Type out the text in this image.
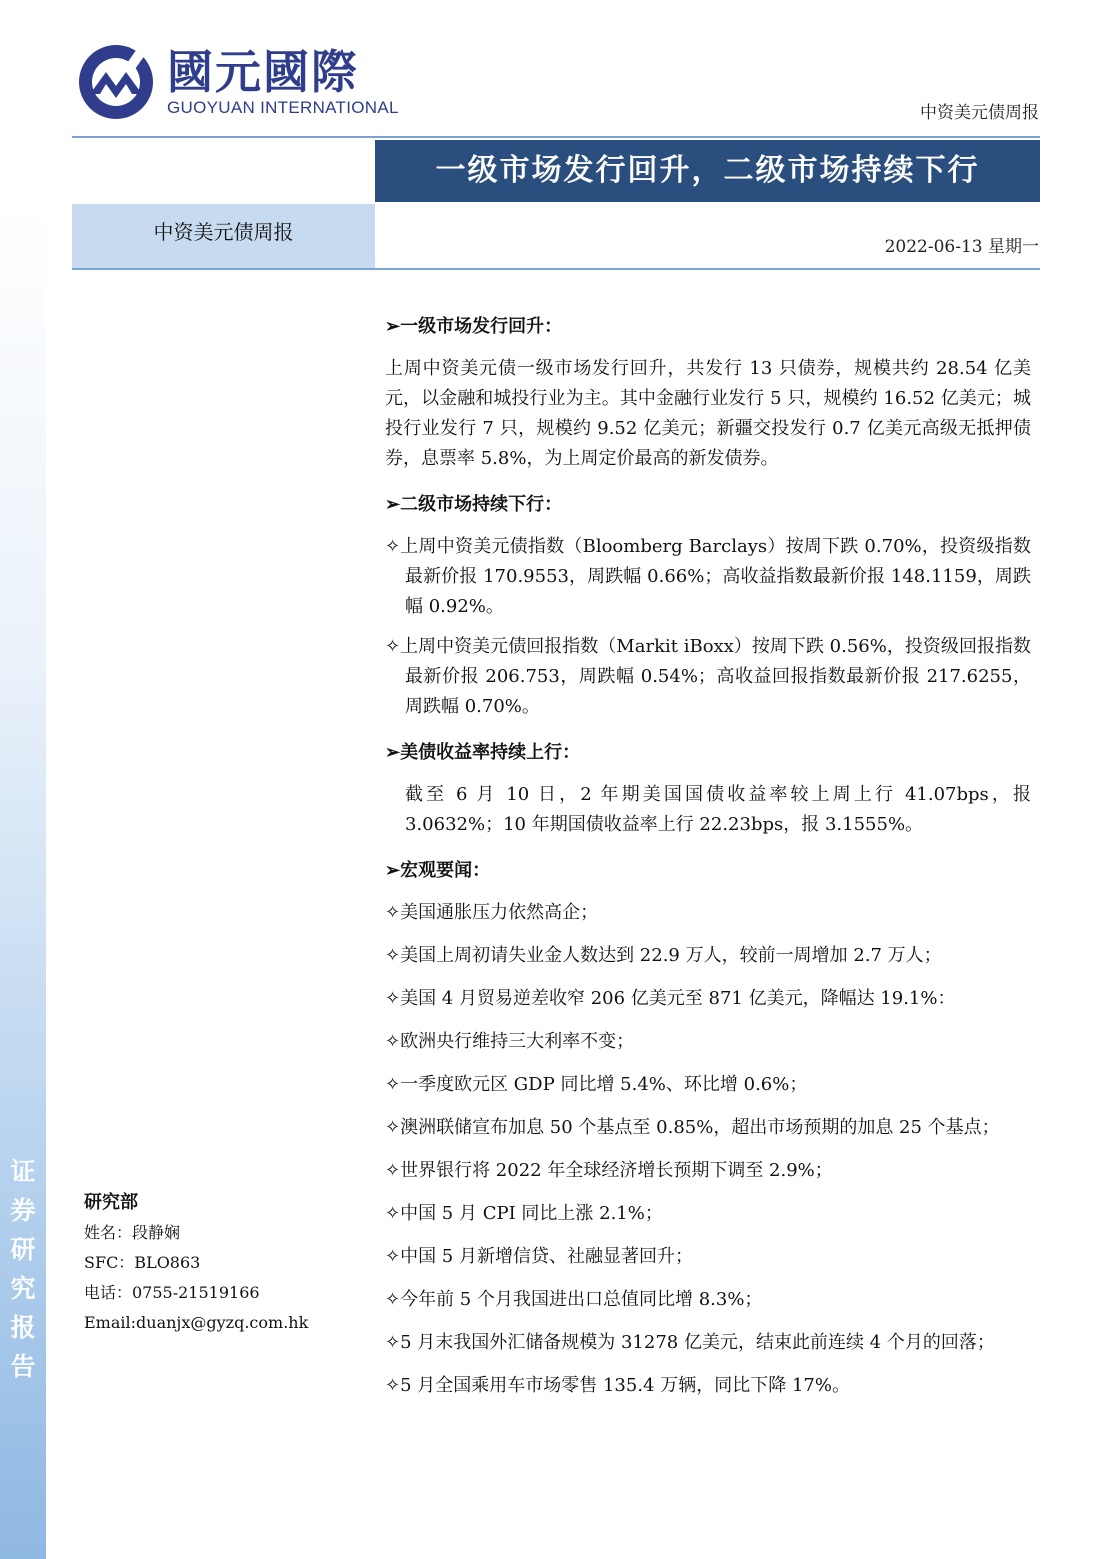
证
券
研
究
报
告
國元國際
GUOYUAN INTERNATIONAL	中资美元债周报
一级市场发行回升，二级市场持续下行
中资美元债周报
2022-06-13 星期一
➢一级市场发行回升：
上周中资美元债一级市场发行回升，共发行 13 只债券，规模共约 28.54 亿美元，以金融和城投行业为主。其中金融行业发行 5 只，规模约 16.52 亿美元；城投行业发行 7 只，规模约 9.52 亿美元；新疆交投发行 0.7 亿美元高级无抵押债券，息票率 5.8%，为上周定价最高的新发债券。
➢二级市场持续下行：
✧上周中资美元债指数（Bloomberg Barclays）按周下跌 0.70%，投资级指数最新价报 170.9553，周跌幅 0.66%；高收益指数最新价报 148.1159，周跌幅 0.92%。
✧上周中资美元债回报指数（Markit iBoxx）按周下跌 0.56%，投资级回报指数最新价报 206.753，周跌幅 0.54%；高收益回报指数最新价报 217.6255，周跌幅 0.70%。
➢美债收益率持续上行：
截至 6 月 10 日，2 年期美国国债收益率较上周上行 41.07bps，报 3.0632%；10 年期国债收益率上行 22.23bps，报 3.1555%。
➢宏观要闻：
✧美国通胀压力依然高企；
✧美国上周初请失业金人数达到 22.9 万人，较前一周增加 2.7 万人；
✧美国 4 月贸易逆差收窄 206 亿美元至 871 亿美元，降幅达 19.1%：
✧欧洲央行维持三大利率不变；
✧一季度欧元区 GDP 同比增 5.4%、环比增 0.6%；
✧澳洲联储宣布加息 50 个基点至 0.85%，超出市场预期的加息 25 个基点；
✧世界银行将 2022 年全球经济增长预期下调至 2.9%；
✧中国 5 月 CPI 同比上涨 2.1%；
✧中国 5 月新增信贷、社融显著回升；
✧今年前 5 个月我国进出口总值同比增 8.3%；
✧5 月末我国外汇储备规模为 31278 亿美元，结束此前连续 4 个月的回落；
✧5 月全国乘用车市场零售 135.4 万辆，同比下降 17%。
研究部
姓名：段静娴
SFC：BLO863
电话：0755-21519166
Email:duanjx@gyzq.com.hk
